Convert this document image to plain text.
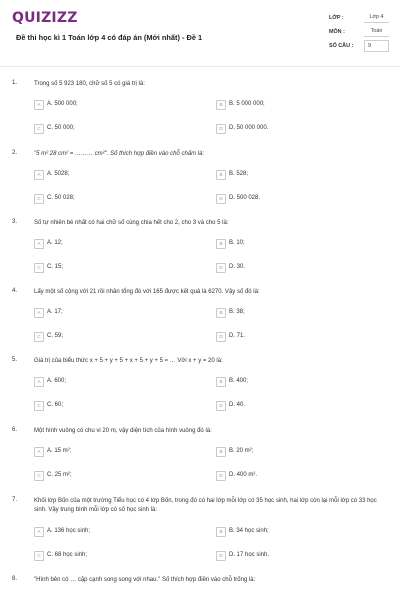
QUIZIZZ
Đề thi học kì 1 Toán lớp 4 có đáp án (Mới nhất) - Đề 1
LỚP :	Lớp 4
MÔN :	Toán
SỐ CÂU :	9
1.	Trong số 5 923 180, chữ số 5 có giá trị là:
A	A. 500 000;	B	B. 5 000 000;
C	C. 50 000;	D	D. 50 000 000.
2.	"5 m² 28 cm² = ……… cm²". Số thích hợp điền vào chỗ chấm là:
A	A. 5028;	B	B. 528;
C	C. 50 028;	D	D. 500 028.
3.	Số tự nhiên bé nhất có hai chữ số cùng chia hết cho 2, cho 3 và cho 5 là:
A	A. 12;	B	B. 10;
C	C. 15;	D	D. 30.
4.	Lấy một số cộng với 21 rồi nhân tổng đó với 165 được kết quả là 6270. Vậy số đó là:
A	A. 17;	B	B. 38;
C	C. 59;	D	D. 71.
5.	Giá trị của biểu thức x + 5 + y + 5 + x + 5 + y + 5 = … Với x + y = 20 là:
A	A. 600;	B	B. 400;
C	C. 60;	D	D. 40.
6.	Một hình vuông có chu vi 20 m, vậy diện tích của hình vuông đó là:
A	A. 15 m²;	B	B. 20 m²;
C	C. 25 m²;	D	D. 400 m².
7.	Khối lớp Bốn của một trường Tiểu học có 4 lớp Bốn, trong đó có hai lớp mỗi lớp có 35 học sinh, hai lớp còn lại mỗi lớp có 33 học sinh. Vậy trung bình mỗi lớp có số học sinh là:
A	A. 136 học sinh;	B	B. 34 học sinh;
C	C. 68 học sinh;	D	D. 17 học sinh.
8.	"Hình bên có … cặp cạnh song song với nhau." Số thích hợp điền vào chỗ trống là:
